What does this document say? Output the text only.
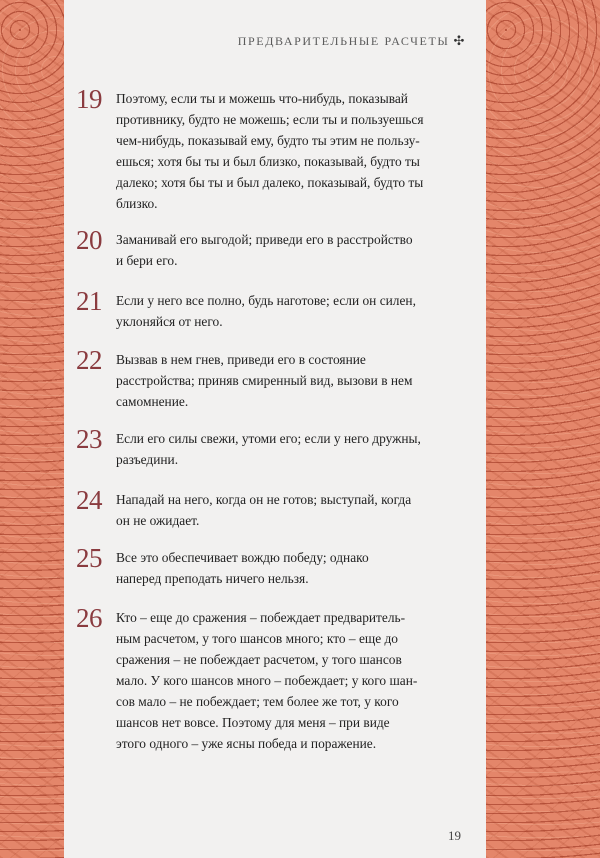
ПРЕДВАРИТЕЛЬНЫЕ РАСЧЕТЫ ✣
19 Поэтому, если ты и можешь что-нибудь, показывай
противнику, будто не можешь; если ты и пользуешься
чем-нибудь, показывай ему, будто ты этим не пользу-
ешься; хотя бы ты и был близко, показывай, будто ты
далеко; хотя бы ты и был далеко, показывай, будто ты
близко.
20 Заманивай его выгодой; приведи его в расстройство
и бери его.
21 Если у него все полно, будь наготове; если он силен,
уклоняйся от него.
22 Вызвав в нем гнев, приведи его в состояние
расстройства; приняв смиренный вид, вызови в нем
самомнение.
23 Если его силы свежи, утоми его; если у него дружны,
разъедини.
24 Нападай на него, когда он не готов; выступай, когда
он не ожидает.
25 Все это обеспечивает вождю победу; однако
наперед преподать ничего нельзя.
26 Кто – еще до сражения – побеждает предваритель-
ным расчетом, у того шансов много; кто – еще до
сражения – не побеждает расчетом, у того шансов
мало. У кого шансов много – побеждает; у кого шан-
сов мало – не побеждает; тем более же тот, у кого
шансов нет вовсе. Поэтому для меня – при виде
этого одного – уже ясны победа и поражение.
19
